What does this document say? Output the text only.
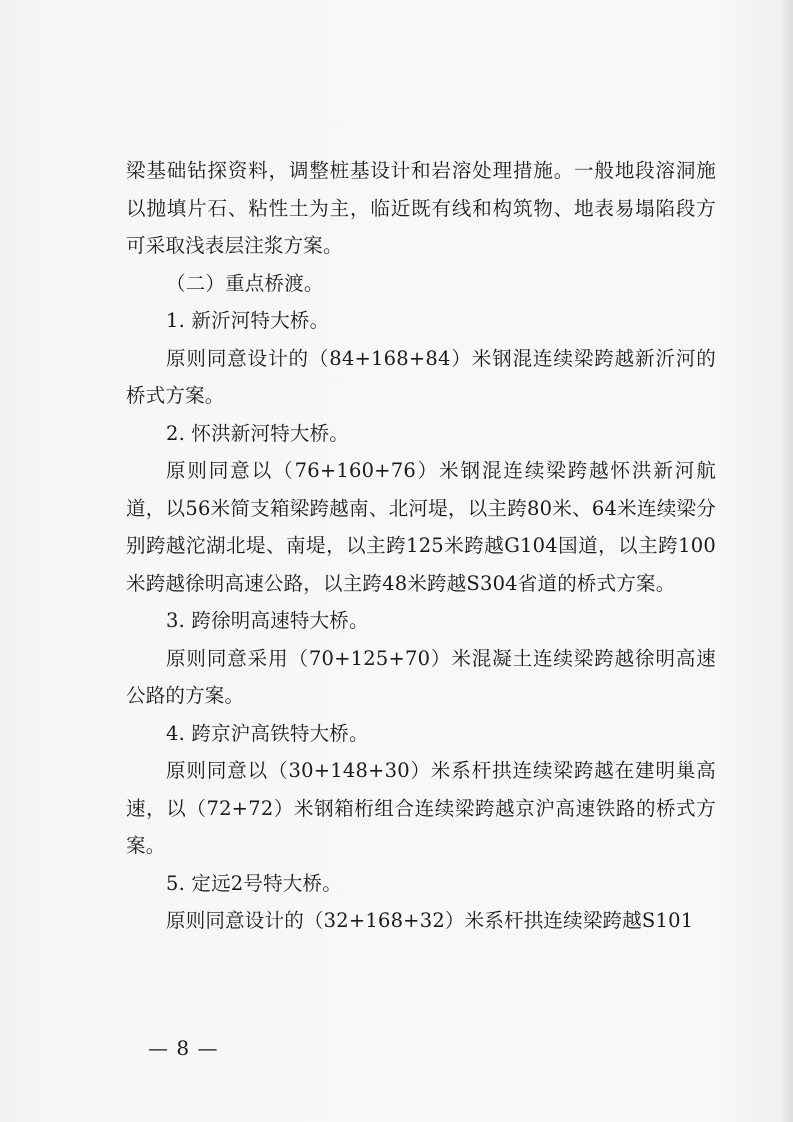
梁基础钻探资料，调整桩基设计和岩溶处理措施。一般地段溶洞施以抛填片石、粘性土为主，临近既有线和构筑物、地表易塌陷段方可采取浅表层注浆方案。

（二）重点桥渡。

1. 新沂河特大桥。

原则同意设计的（84+168+84）米钢混连续梁跨越新沂河的桥式方案。

2. 怀洪新河特大桥。

原则同意以（76+160+76）米钢混连续梁跨越怀洪新河航道，以56米简支箱梁跨越南、北河堤，以主跨80米、64米连续梁分别跨越沱湖北堤、南堤，以主跨125米跨越G104国道，以主跨100米跨越徐明高速公路，以主跨48米跨越S304省道的桥式方案。

3. 跨徐明高速特大桥。

原则同意采用（70+125+70）米混凝土连续梁跨越徐明高速公路的方案。

4. 跨京沪高铁特大桥。

原则同意以（30+148+30）米系杆拱连续梁跨越在建明巢高速，以（72+72）米钢箱桁组合连续梁跨越京沪高速铁路的桥式方案。

5. 定远2号特大桥。

原则同意设计的（32+168+32）米系杆拱连续梁跨越S101

— 8 —
